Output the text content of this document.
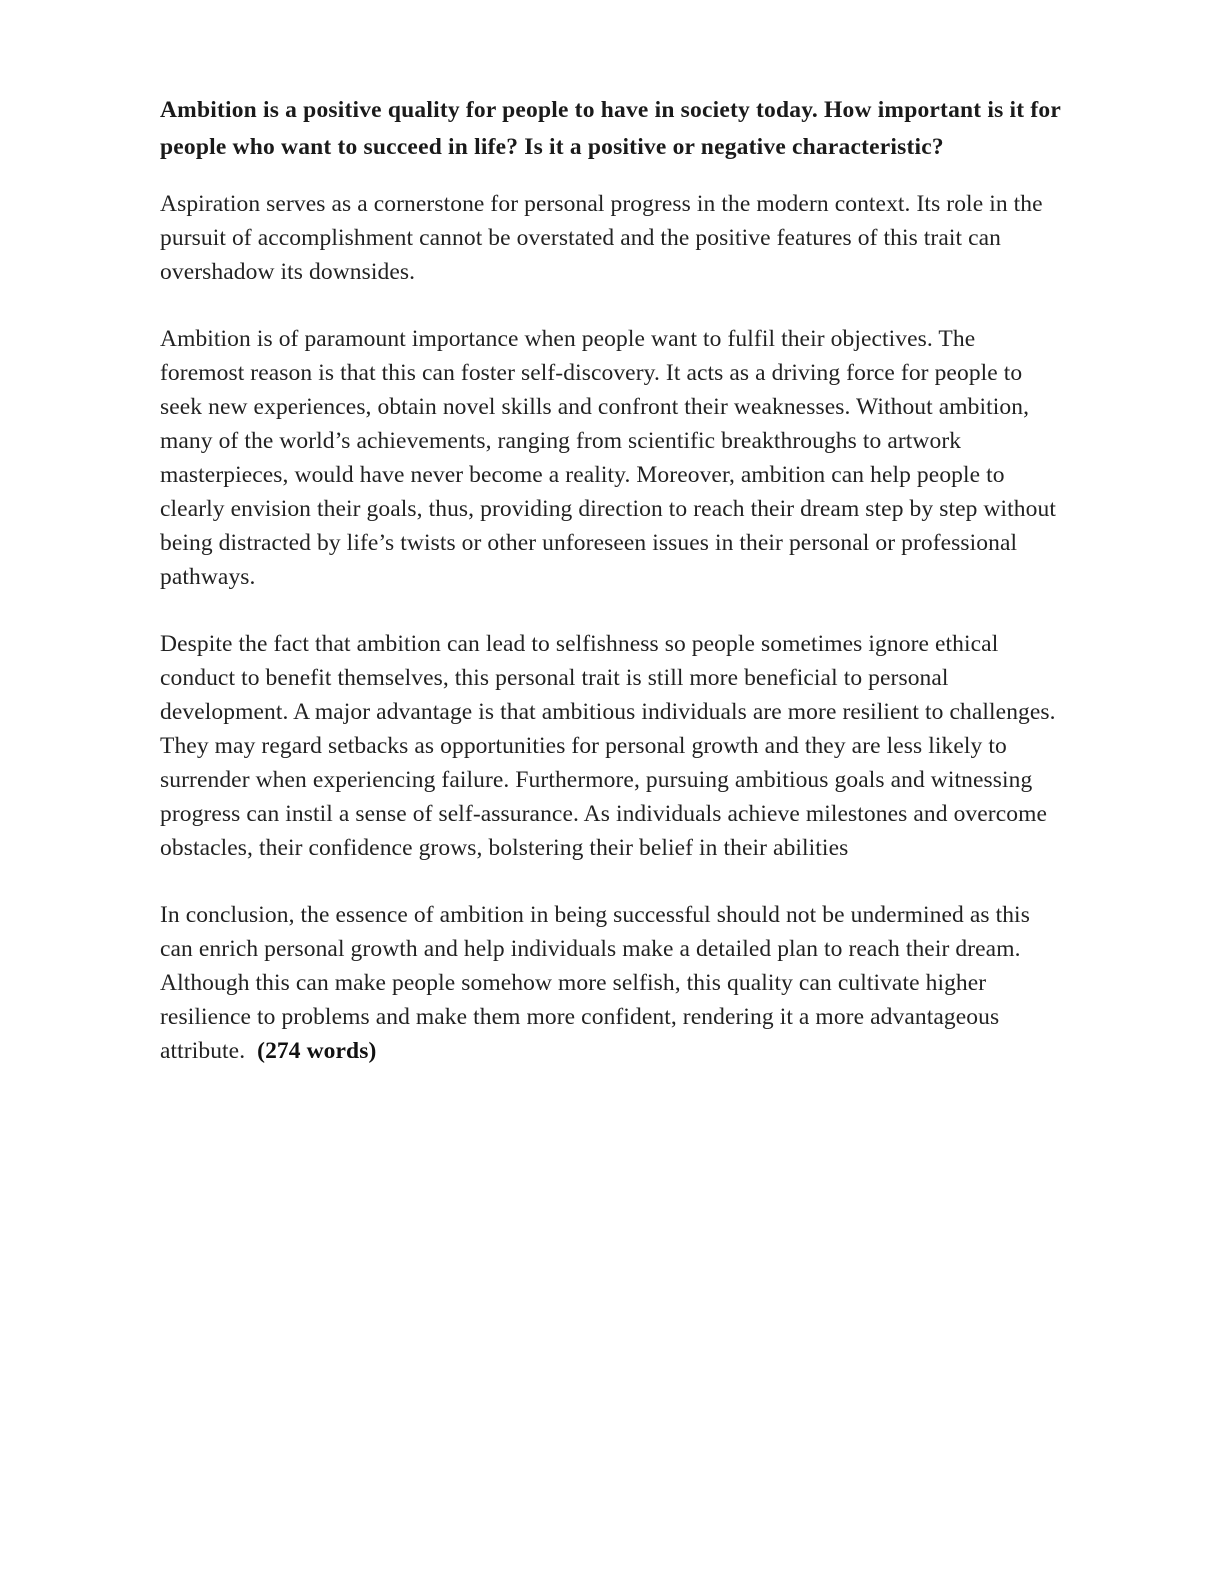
Ambition is a positive quality for people to have in society today. How important is it for people who want to succeed in life? Is it a positive or negative characteristic?

Aspiration serves as a cornerstone for personal progress in the modern context. Its role in the pursuit of accomplishment cannot be overstated and the positive features of this trait can overshadow its downsides.

Ambition is of paramount importance when people want to fulfil their objectives. The foremost reason is that this can foster self-discovery. It acts as a driving force for people to seek new experiences, obtain novel skills and confront their weaknesses. Without ambition, many of the world’s achievements, ranging from scientific breakthroughs to artwork masterpieces, would have never become a reality. Moreover, ambition can help people to clearly envision their goals, thus, providing direction to reach their dream step by step without being distracted by life’s twists or other unforeseen issues in their personal or professional pathways.

Despite the fact that ambition can lead to selfishness so people sometimes ignore ethical conduct to benefit themselves, this personal trait is still more beneficial to personal development. A major advantage is that ambitious individuals are more resilient to challenges. They may regard setbacks as opportunities for personal growth and they are less likely to surrender when experiencing failure. Furthermore, pursuing ambitious goals and witnessing progress can instil a sense of self-assurance. As individuals achieve milestones and overcome obstacles, their confidence grows, bolstering their belief in their abilities

In conclusion, the essence of ambition in being successful should not be undermined as this can enrich personal growth and help individuals make a detailed plan to reach their dream. Although this can make people somehow more selfish, this quality can cultivate higher resilience to problems and make them more confident, rendering it a more advantageous attribute. (274 words)
